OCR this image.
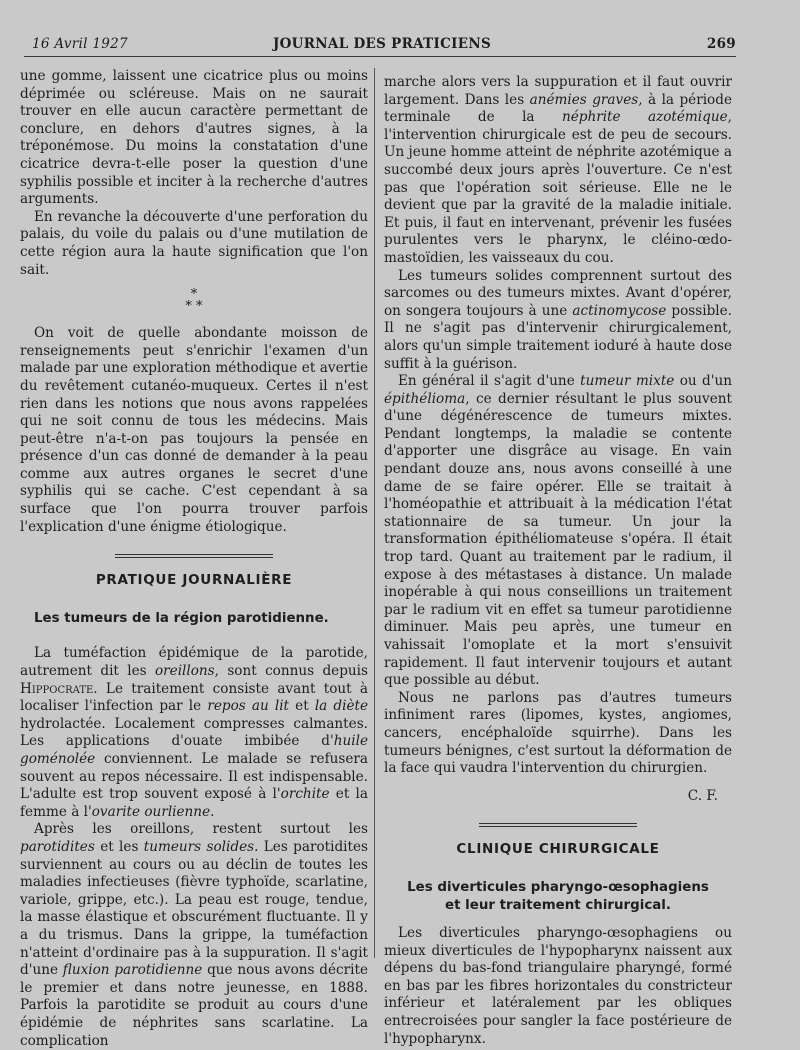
16 Avril 1927	JOURNAL DES PRATICIENS	269

une gomme, laissent une cicatrice plus ou moins déprimée ou scléreuse. Mais on ne saurait trouver en elle aucun caractère permettant de conclure, en dehors d'autres signes, à la tréponémose. Du moins la constatation d'une cicatrice devra-t-elle poser la question d'une syphilis possible et inciter à la recherche d'autres arguments.

En revanche la découverte d'une perforation du palais, du voile du palais ou d'une mutilation de cette région aura la haute signification que l'on sait.

*
* *

On voit de quelle abondante moisson de renseignements peut s'enrichir l'examen d'un malade par une exploration méthodique et avertie du revêtement cutanéo-muqueux. Certes il n'est rien dans les notions que nous avons rappelées qui ne soit connu de tous les médecins. Mais peut-être n'a-t-on pas toujours la pensée en présence d'un cas donné de demander à la peau comme aux autres organes le secret d'une syphilis qui se cache. C'est cependant à sa surface que l'on pourra trouver parfois l'explication d'une énigme étiologique.

PRATIQUE JOURNALIÈRE
Les tumeurs de la région parotidienne.

La tuméfaction épidémique de la parotide, autrement dit les oreillons, sont connus depuis Hippocrate. Le traitement consiste avant tout à localiser l'infection par le repos au lit et la diète hydrolactée. Localement compresses calmantes. Les applications d'ouate imbibée d'huile goménolée conviennent. Le malade se refusera souvent au repos nécessaire. Il est indispensable. L'adulte est trop souvent exposé à l'orchite et la femme à l'ovarite ourlienne.

Après les oreillons, restent surtout les parotidites et les tumeurs solides. Les parotidites surviennent au cours ou au déclin de toutes les maladies infectieuses (fièvre typhoïde, scarlatine, variole, grippe, etc.). La peau est rouge, tendue, la masse élastique et obscurément fluctuante. Il y a du trismus. Dans la grippe, la tuméfaction n'atteint d'ordinaire pas à la suppuration. Il s'agit d'une fluxion parotidienne que nous avons décrite le premier et dans notre jeunesse, en 1888. Parfois la parotidite se produit au cours d'une épidémie de néphrites sans scarlatine. La complication

marche alors vers la suppuration et il faut ouvrir largement. Dans les anémies graves, à la période terminale de la néphrite azotémique, l'intervention chirurgicale est de peu de secours. Un jeune homme atteint de néphrite azotémique a succombé deux jours après l'ouverture. Ce n'est pas que l'opération soit sérieuse. Elle ne le devient que par la gravité de la maladie initiale. Et puis, il faut en intervenant, prévenir les fusées purulentes vers le pharynx, le cléino-œdo-mastoïdien, les vaisseaux du cou.

Les tumeurs solides comprennent surtout des sarcomes ou des tumeurs mixtes. Avant d'opérer, on songera toujours à une actinomycose possible. Il ne s'agit pas d'intervenir chirurgicalement, alors qu'un simple traitement ioduré à haute dose suffit à la guérison.

En général il s'agit d'une tumeur mixte ou d'un épithélioma, ce dernier résultant le plus souvent d'une dégénérescence de tumeurs mixtes. Pendant longtemps, la maladie se contente d'apporter une disgrâce au visage. En vain pendant douze ans, nous avons conseillé à une dame de se faire opérer. Elle se traitait à l'homéopathie et attribuait à la médication l'état stationnaire de sa tumeur. Un jour la transformation épithéliomateuse s'opéra. Il était trop tard. Quant au traitement par le radium, il expose à des métastases à distance. Un malade inopérable à qui nous conseillions un traitement par le radium vit en effet sa tumeur parotidienne diminuer. Mais peu après, une tumeur en vahissait l'omoplate et la mort s'ensuivit rapidement. Il faut intervenir toujours et autant que possible au début.

Nous ne parlons pas d'autres tumeurs infiniment rares (lipomes, kystes, angiomes, cancers, encéphaloïde squirrhe). Dans les tumeurs bénignes, c'est surtout la déformation de la face qui vaudra l'intervention du chirurgien.

C. F.
CLINIQUE CHIRURGICALE
Les diverticules pharyngo-œsophagiens
et leur traitement chirurgical.

Les diverticules pharyngo-œsophagiens ou mieux diverticules de l'hypopharynx naissent aux dépens du bas-fond triangulaire pharyngé, formé en bas par les fibres horizontales du constricteur inférieur et latéralement par les obliques entrecroisées pour sangler la face postérieure de l'hypopharynx.
